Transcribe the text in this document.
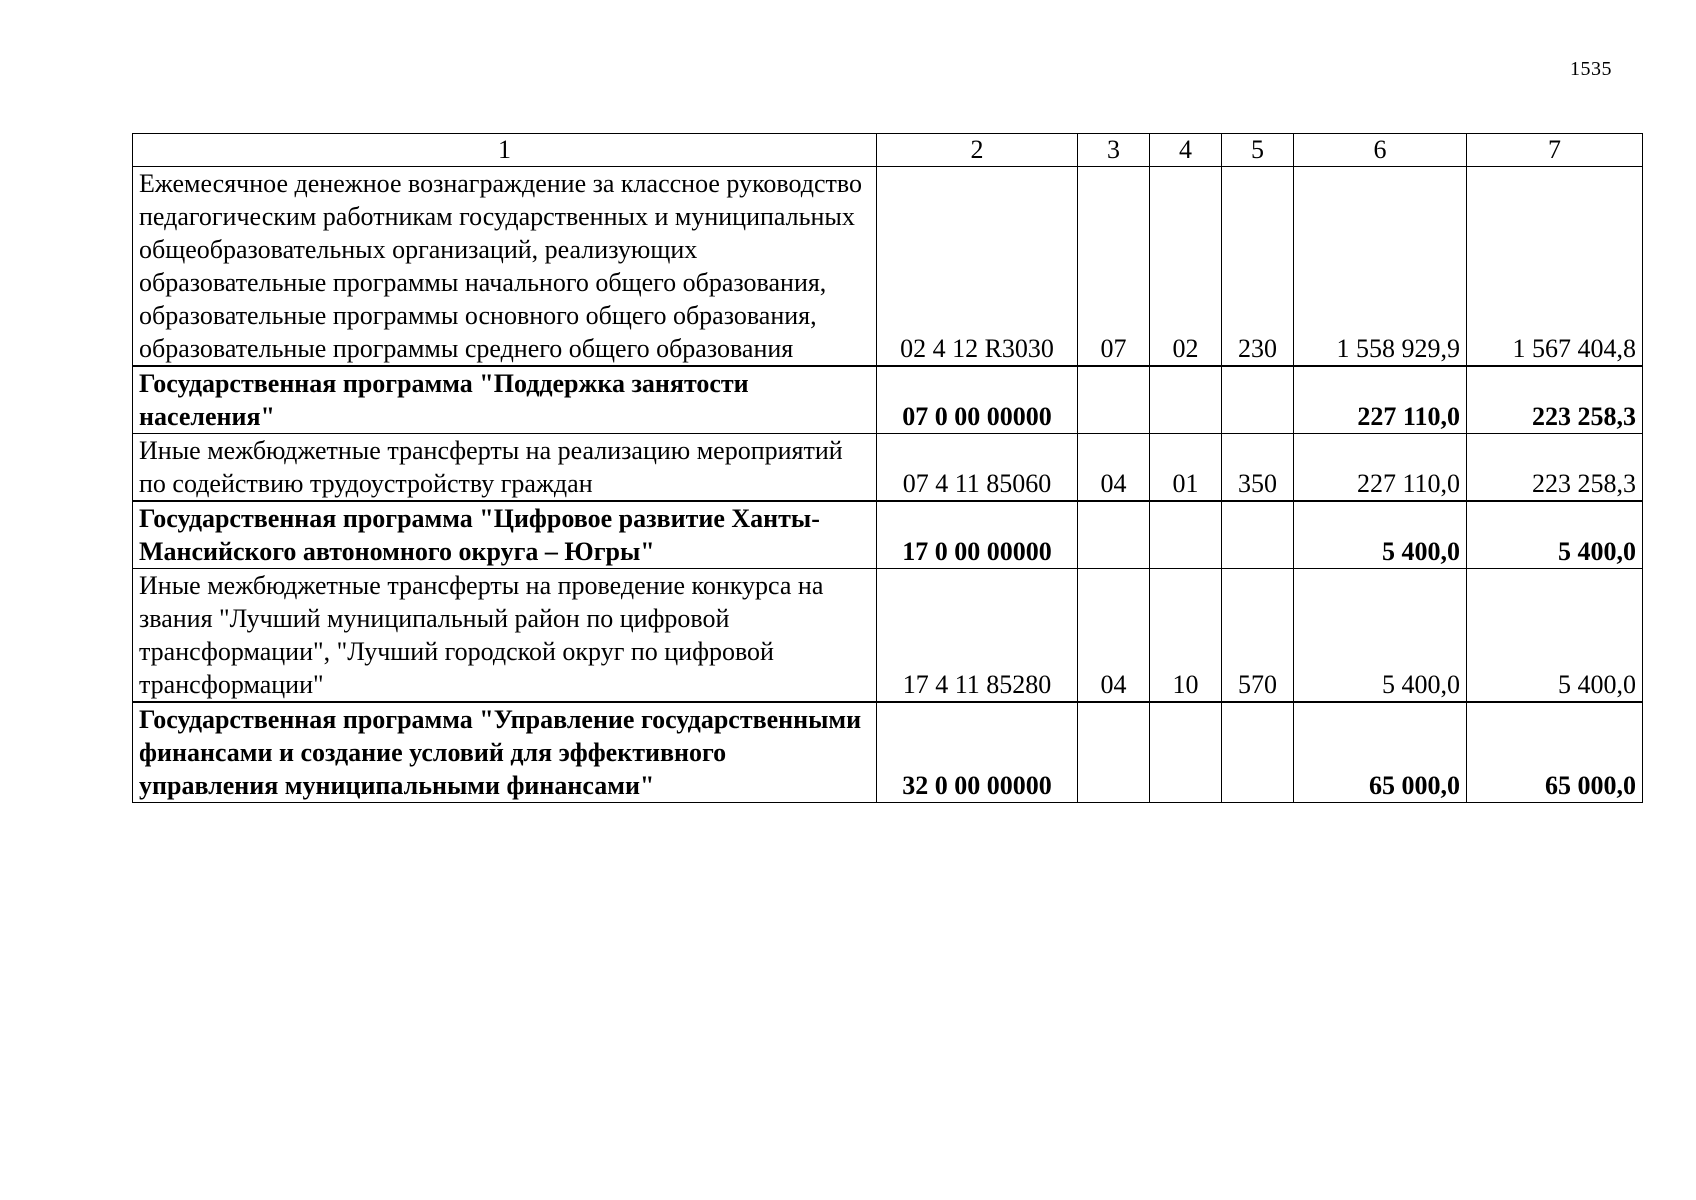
1535
1	2	3	4	5	6	7
Ежемесячное денежное вознаграждение за классное руководство педагогическим работникам государственных и муниципальных общеобразовательных организаций, реализующих образовательные программы начального общего образования, образовательные программы основного общего образования, образовательные программы среднего общего образования	02 4 12 R3030	07	02	230	1 558 929,9	1 567 404,8
Государственная программа "Поддержка занятости населения"	07 0 00 00000				227 110,0	223 258,3
Иные межбюджетные трансферты на реализацию мероприятий по содействию трудоустройству граждан	07 4 11 85060	04	01	350	227 110,0	223 258,3
Государственная программа "Цифровое развитие Ханты-Мансийского автономного округа – Югры"	17 0 00 00000				5 400,0	5 400,0
Иные межбюджетные трансферты на проведение конкурса на звания "Лучший муниципальный район по цифровой трансформации", "Лучший городской округ по цифровой трансформации"	17 4 11 85280	04	10	570	5 400,0	5 400,0
Государственная программа "Управление государственными финансами и создание условий для эффективного управления муниципальными финансами"	32 0 00 00000				65 000,0	65 000,0
